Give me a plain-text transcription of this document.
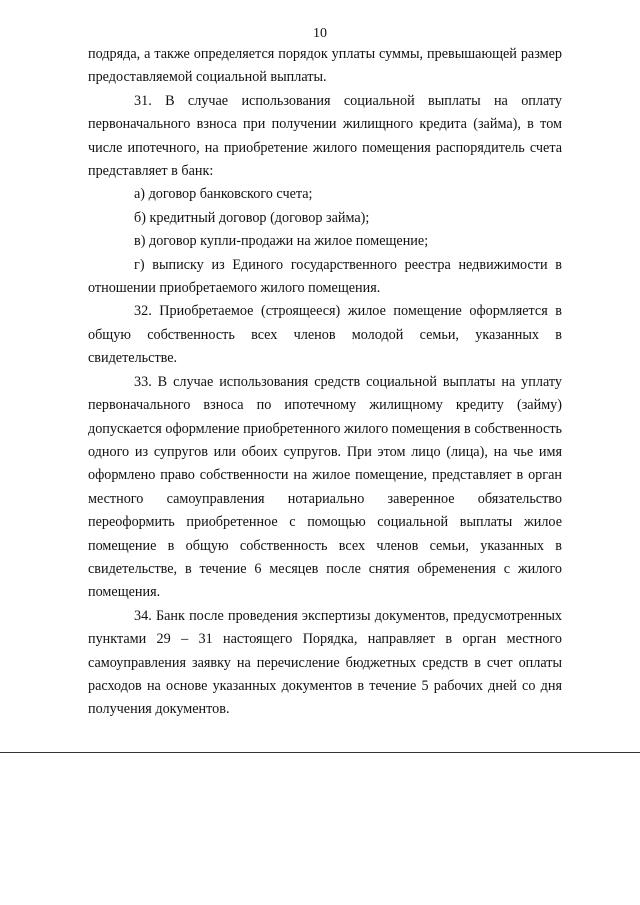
10

подряда, а также определяется порядок уплаты суммы, превышающей размер предоставляемой социальной выплаты.

31. В случае использования социальной выплаты на оплату первоначального взноса при получении жилищного кредита (займа), в том числе ипотечного, на приобретение жилого помещения распорядитель счета представляет в банк:

а) договор банковского счета;

б) кредитный договор (договор займа);

в) договор купли-продажи на жилое помещение;

г) выписку из Единого государственного реестра недвижимости в отношении приобретаемого жилого помещения.

32. Приобретаемое (строящееся) жилое помещение оформляется в общую собственность всех членов молодой семьи, указанных в свидетельстве.

33. В случае использования средств социальной выплаты на уплату первоначального взноса по ипотечному жилищному кредиту (займу) допускается оформление приобретенного жилого помещения в собственность одного из супругов или обоих супругов. При этом лицо (лица), на чье имя оформлено право собственности на жилое помещение, представляет в орган местного самоуправления нотариально заверенное обязательство переоформить приобретенное с помощью социальной выплаты жилое помещение в общую собственность всех членов семьи, указанных в свидетельстве, в течение 6 месяцев после снятия обременения с жилого помещения.

34. Банк после проведения экспертизы документов, предусмотренных пунктами 29 – 31 настоящего Порядка, направляет в орган местного самоуправления заявку на перечисление бюджетных средств в счет оплаты расходов на основе указанных документов в течение 5 рабочих дней со дня получения документов.
